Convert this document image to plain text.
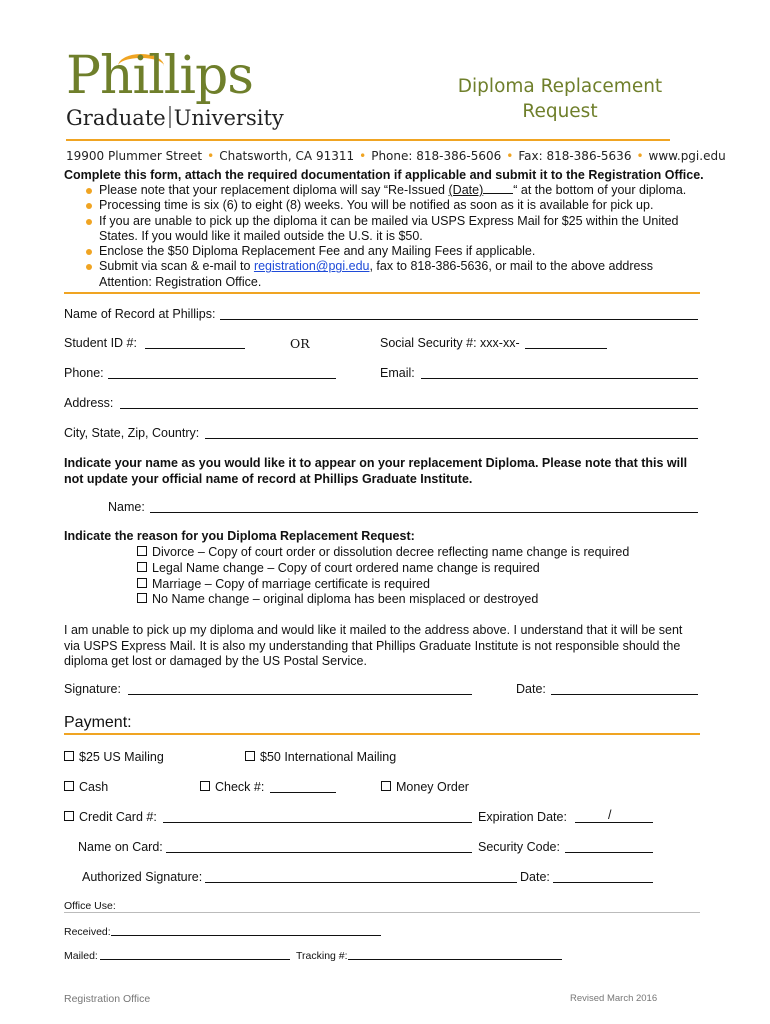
Phillips
Graduate University
Diploma Replacement
Request
19900 Plummer Street • Chatsworth, CA 91311 • Phone: 818-386-5606 • Fax: 818-386-5636 • www.pgi.edu
Complete this form, attach the required documentation if applicable and submit it to the Registration Office.
Please note that your replacement diploma will say “Re-Issued (Date) “ at the bottom of your diploma.
Processing time is six (6) to eight (8) weeks. You will be notified as soon as it is available for pick up.
If you are unable to pick up the diploma it can be mailed via USPS Express Mail for $25 within the United
States. If you would like it mailed outside the U.S. it is $50.
Enclose the $50 Diploma Replacement Fee and any Mailing Fees if applicable.
Submit via scan & e-mail to registration@pgi.edu, fax to 818-386-5636, or mail to the above address
Attention: Registration Office.
Name of Record at Phillips:
Student ID #:	OR	Social Security #: xxx-xx-
Phone:	Email:
Address:
City, State, Zip, Country:
Indicate your name as you would like it to appear on your replacement Diploma. Please note that this will
not update your official name of record at Phillips Graduate Institute.
Name:
Indicate the reason for you Diploma Replacement Request:
Divorce – Copy of court order or dissolution decree reflecting name change is required
Legal Name change – Copy of court ordered name change is required
Marriage – Copy of marriage certificate is required
No Name change – original diploma has been misplaced or destroyed
I am unable to pick up my diploma and would like it mailed to the address above. I understand that it will be sent
via USPS Express Mail. It is also my understanding that Phillips Graduate Institute is not responsible should the
diploma get lost or damaged by the US Postal Service.
Signature:	Date:
Payment:
$25 US Mailing	$50 International Mailing
Cash	Check #:	Money Order
Credit Card #:	Expiration Date:	/
Name on Card:	Security Code:
Authorized Signature:	Date:
Office Use:
Received:
Mailed:	Tracking #:
Registration Office	Revised March 2016
